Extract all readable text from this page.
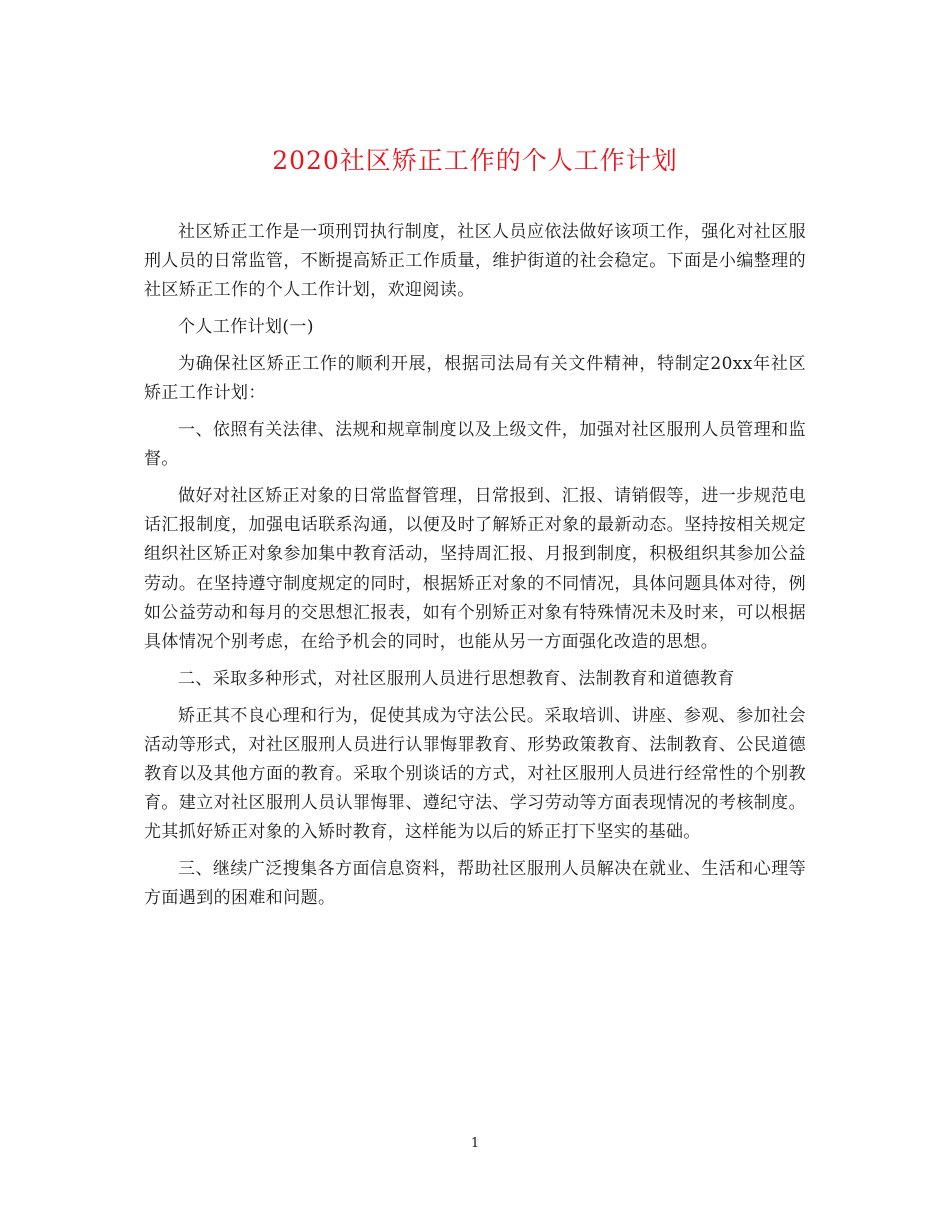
2020社区矫正工作的个人工作计划

社区矫正工作是一项刑罚执行制度，社区人员应依法做好该项工作，强化对社区服刑人员的日常监管，不断提高矫正工作质量，维护街道的社会稳定。下面是小编整理的社区矫正工作的个人工作计划，欢迎阅读。

个人工作计划(一)

为确保社区矫正工作的顺利开展，根据司法局有关文件精神，特制定20xx年社区矫正工作计划：

一、依照有关法律、法规和规章制度以及上级文件，加强对社区服刑人员管理和监督。

做好对社区矫正对象的日常监督管理，日常报到、汇报、请销假等，进一步规范电话汇报制度，加强电话联系沟通，以便及时了解矫正对象的最新动态。坚持按相关规定组织社区矫正对象参加集中教育活动，坚持周汇报、月报到制度，积极组织其参加公益劳动。在坚持遵守制度规定的同时，根据矫正对象的不同情况，具体问题具体对待，例如公益劳动和每月的交思想汇报表，如有个别矫正对象有特殊情况未及时来，可以根据具体情况个别考虑，在给予机会的同时，也能从另一方面强化改造的思想。

二、采取多种形式，对社区服刑人员进行思想教育、法制教育和道德教育

矫正其不良心理和行为，促使其成为守法公民。采取培训、讲座、参观、参加社会活动等形式，对社区服刑人员进行认罪悔罪教育、形势政策教育、法制教育、公民道德教育以及其他方面的教育。采取个别谈话的方式，对社区服刑人员进行经常性的个别教育。建立对社区服刑人员认罪悔罪、遵纪守法、学习劳动等方面表现情况的考核制度。尤其抓好矫正对象的入矫时教育，这样能为以后的矫正打下坚实的基础。

三、继续广泛搜集各方面信息资料，帮助社区服刑人员解决在就业、生活和心理等方面遇到的困难和问题。

1
